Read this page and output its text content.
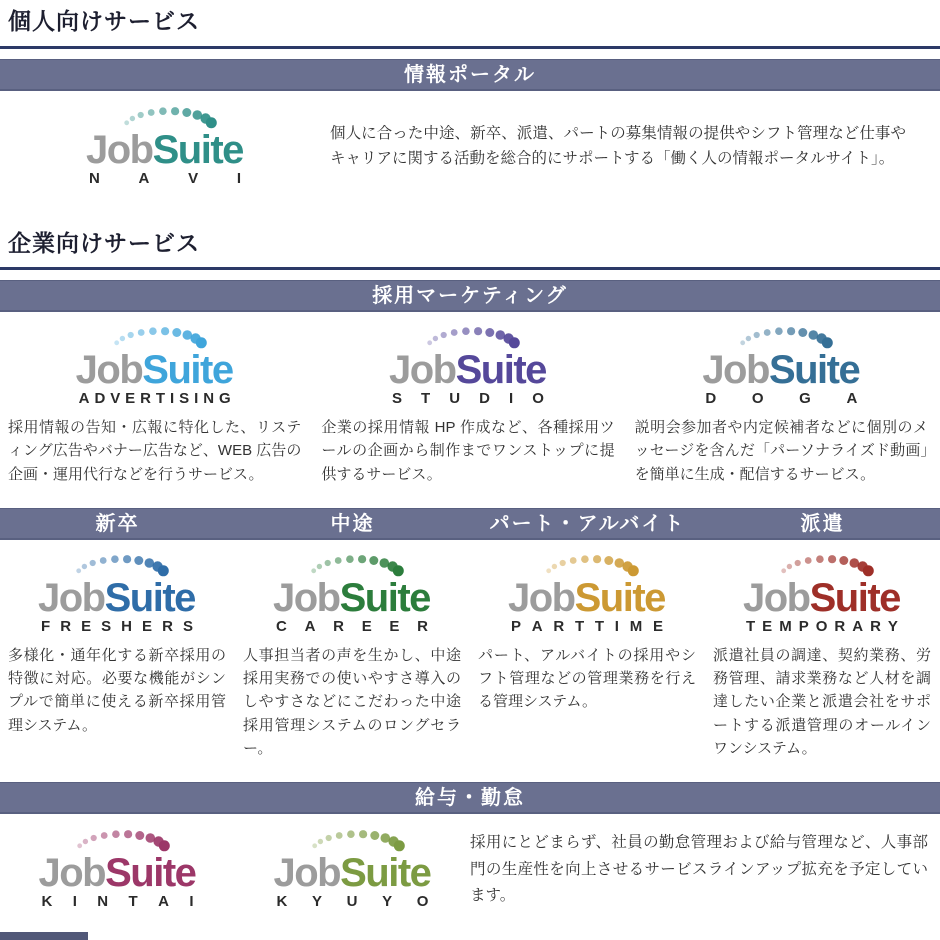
個人向けサービス
情報ポータル
JobSuite
N	A	V	I

個人に合った中途、新卒、派遣、パートの募集情報の提供やシフト管理など仕事やキャリアに関する活動を総合的にサポートする「働く人の情報ポータルサイト」。

企業向けサービス
採用マーケティング
JobSuite
A D V E R T I S I N G

採用情報の告知・広報に特化した、リスティング広告やバナー広告など、WEB 広告の企画・運用代行などを行うサービス。

JobSuite
S T U D I O

企業の採用情報 HP 作成など、各種採用ツールの企画から制作までワンストップに提供するサービス。

JobSuite
D O G A

説明会参加者や内定候補者などに個別のメッセージを含んだ「パーソナライズド動画」を簡単に生成・配信するサービス。

新卒	中途	パート・アルバイト	派遣
JobSuite
F R E S H E R S

多様化・通年化する新卒採用の特徴に対応。必要な機能がシンプルで簡単に使える新卒採用管理システム。

JobSuite
C A R E E R

人事担当者の声を生かし、中途採用実務での使いやすさ導入のしやすさなどにこだわった中途採用管理システムのロングセラー。

JobSuite
P A R T T I M E

パート、アルバイトの採用やシフト管理などの管理業務を行える管理システム。

JobSuite
T E M P O R A R Y

派遣社員の調達、契約業務、労務管理、請求業務など人材を調達したい企業と派遣会社をサポートする派遣管理のオールインワンシステム。

給与・勤怠
JobSuite
K I N T A I
JobSuite
K Y U Y O

採用にとどまらず、社員の勤怠管理および給与管理など、人事部門の生産性を向上させるサービスラインアップ拡充を予定しています。
